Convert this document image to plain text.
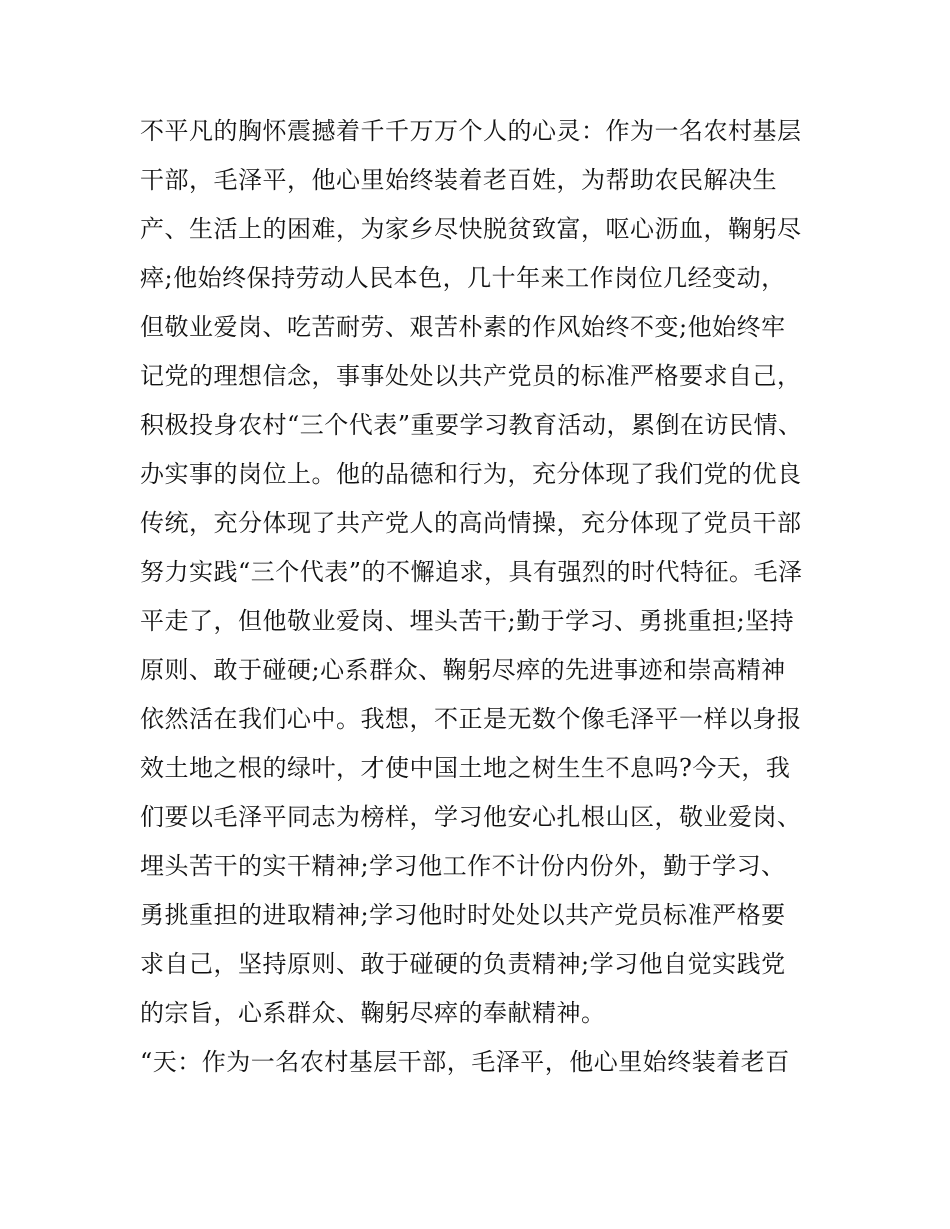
不平凡的胸怀震撼着千千万万个人的心灵：作为一名农村基层
干部，毛泽平，他心里始终装着老百姓，为帮助农民解决生
产、生活上的困难，为家乡尽快脱贫致富，呕心沥血，鞠躬尽
瘁;他始终保持劳动人民本色，几十年来工作岗位几经变动，
但敬业爱岗、吃苦耐劳、艰苦朴素的作风始终不变;他始终牢
记党的理想信念，事事处处以共产党员的标准严格要求自己，
积极投身农村“三个代表”重要学习教育活动，累倒在访民情、
办实事的岗位上。他的品德和行为，充分体现了我们党的优良
传统，充分体现了共产党人的高尚情操，充分体现了党员干部
努力实践“三个代表”的不懈追求，具有强烈的时代特征。毛泽
平走了，但他敬业爱岗、埋头苦干;勤于学习、勇挑重担;坚持
原则、敢于碰硬;心系群众、鞠躬尽瘁的先进事迹和崇高精神
依然活在我们心中。我想，不正是无数个像毛泽平一样以身报
效土地之根的绿叶，才使中国土地之树生生不息吗?今天，我
们要以毛泽平同志为榜样，学习他安心扎根山区，敬业爱岗、
埋头苦干的实干精神;学习他工作不计份内份外，勤于学习、
勇挑重担的进取精神;学习他时时处处以共产党员标准严格要
求自己，坚持原则、敢于碰硬的负责精神;学习他自觉实践党
的宗旨，心系群众、鞠躬尽瘁的奉献精神。
“天：作为一名农村基层干部，毛泽平，他心里始终装着老百
